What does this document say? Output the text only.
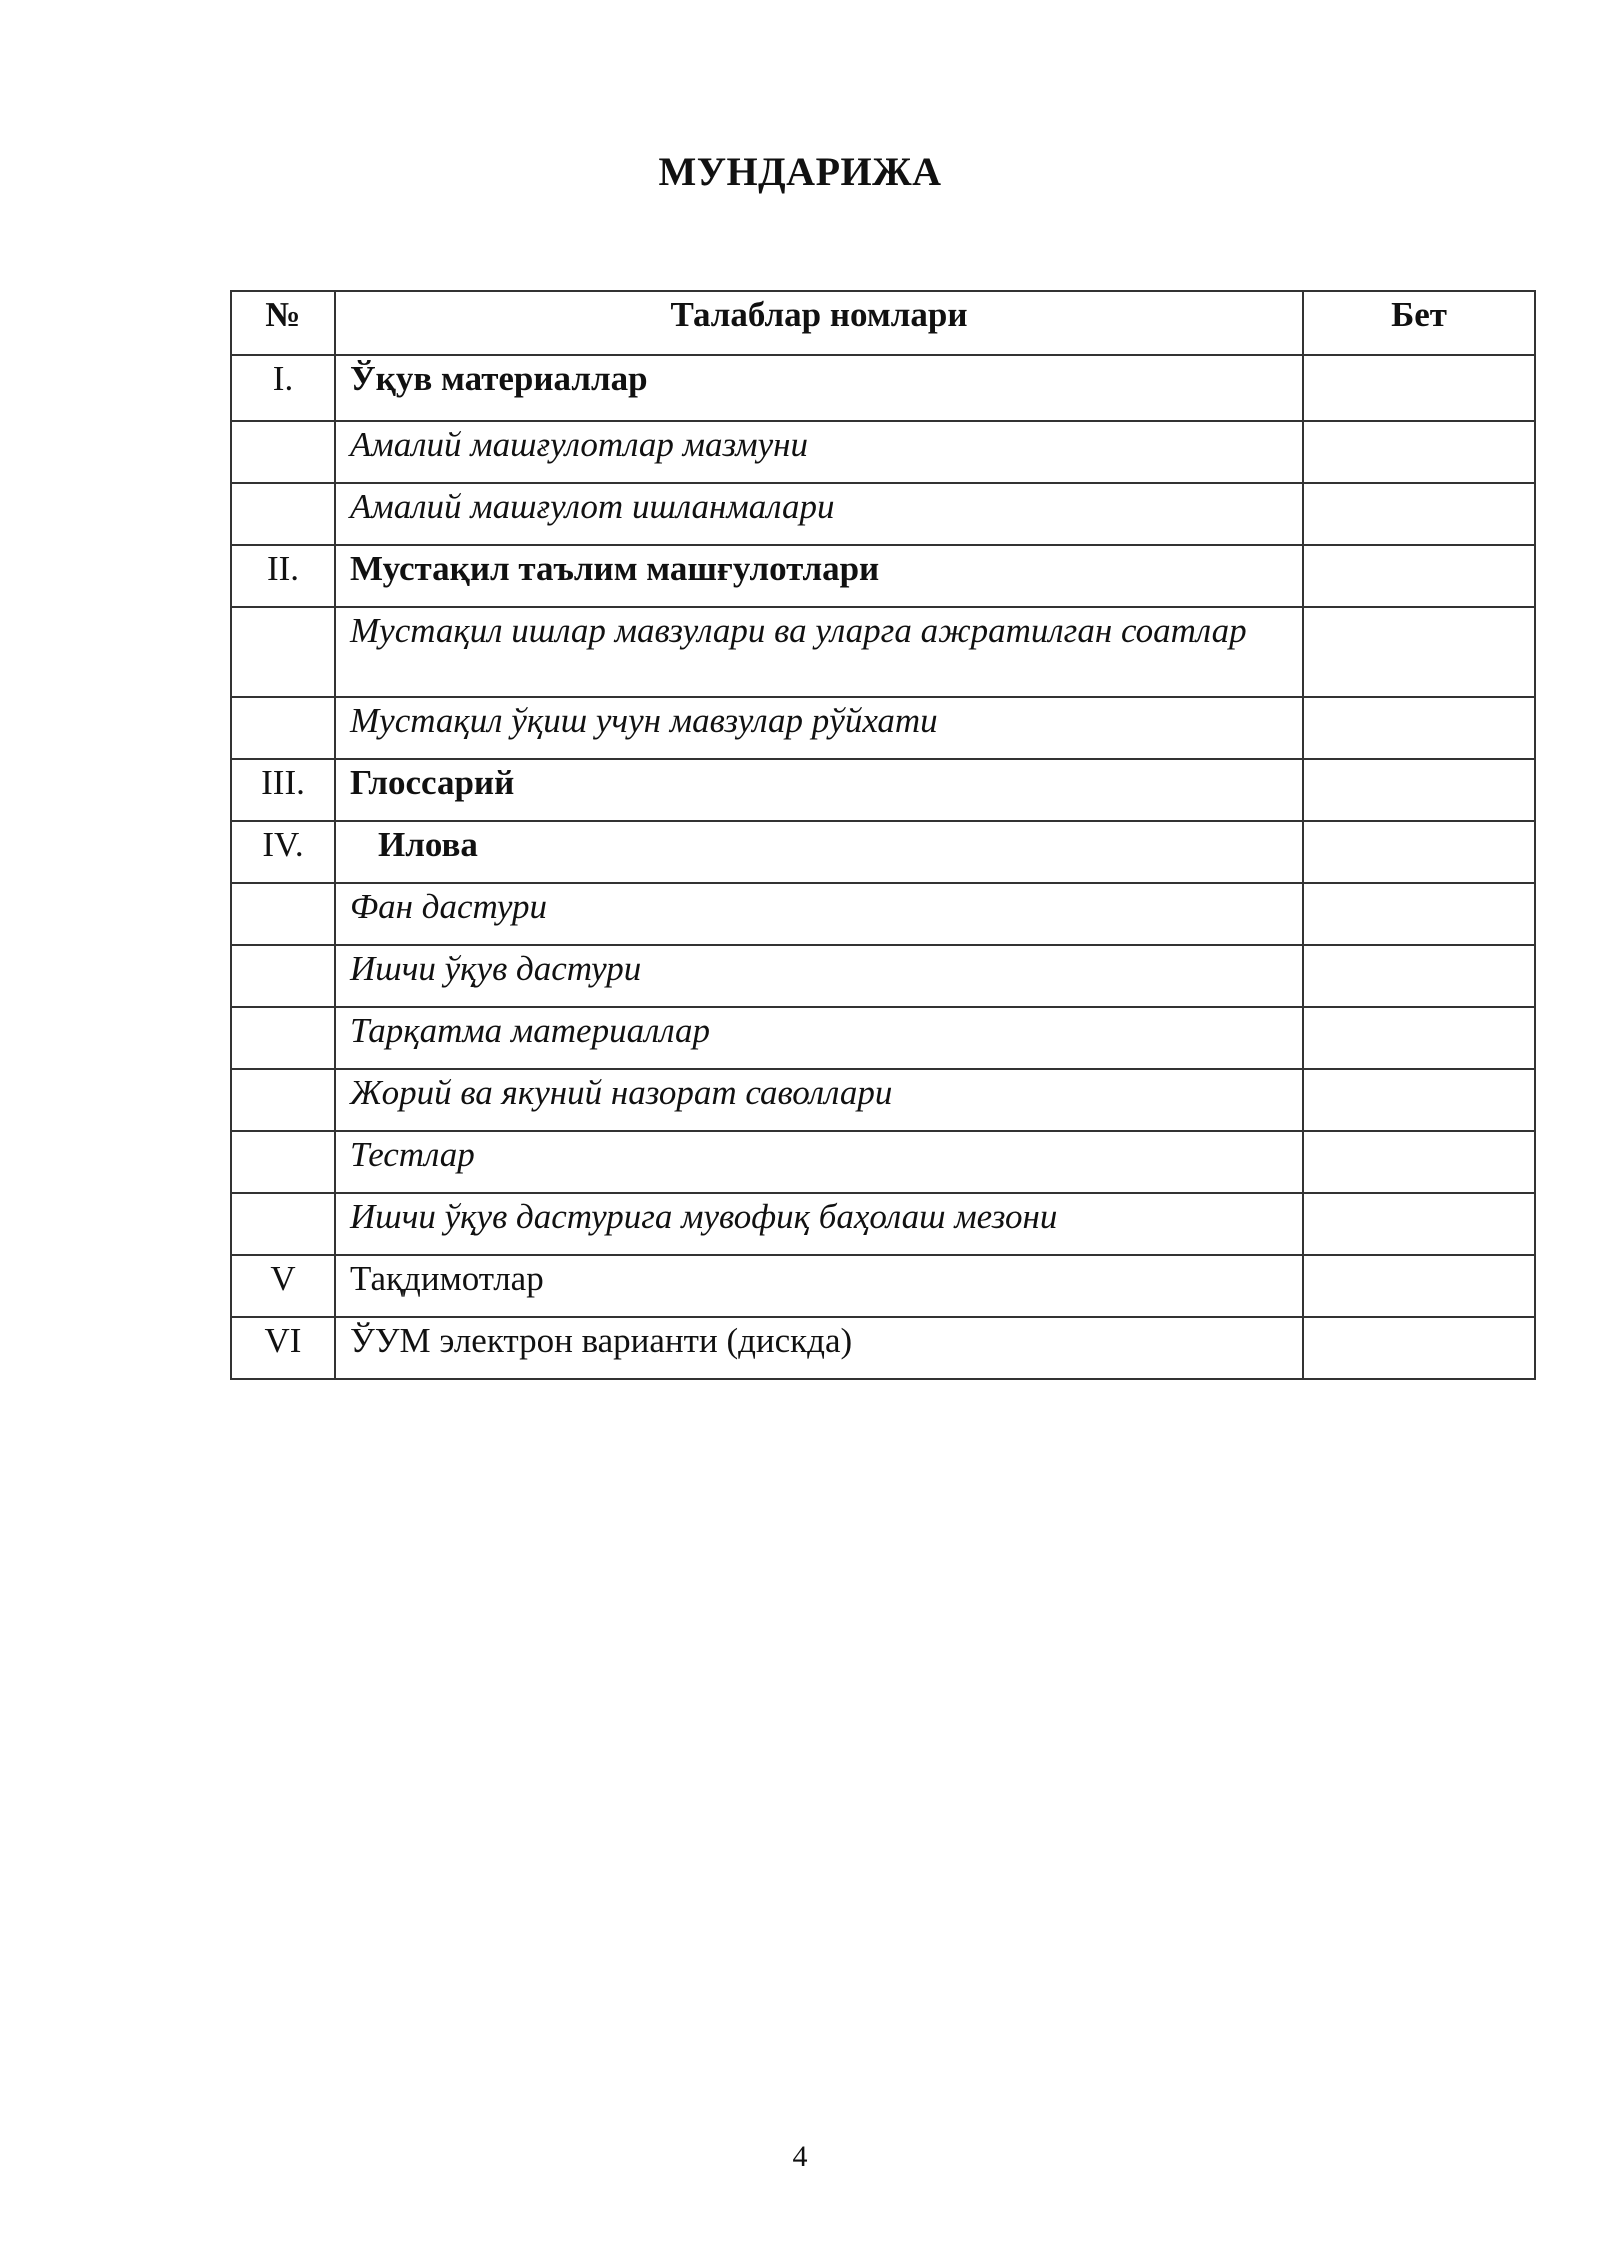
МУНДАРИЖА
№	Талаблар номлари	Бет
I.	Ўқув материаллар	
	Амалий машғулотлар мазмуни	
	Амалий машғулот ишланмалари	
II.	Мустақил таълим машғулотлари	
	Мустақил ишлар мавзулари ва уларга ажратилган соатлар	
	Мустақил ўқиш учун мавзулар рўйхати	
III.	Глоссарий	
IV.	Илова	
	Фан дастури	
	Ишчи ўқув дастури	
	Тарқатма материаллар	
	Жорий ва якуний назорат саволлари	
	Тестлар	
	Ишчи ўқув дастурига мувофиқ баҳолаш мезони	
V	Тақдимотлар	
VI	ЎУМ электрон варианти (дискда)	
4
